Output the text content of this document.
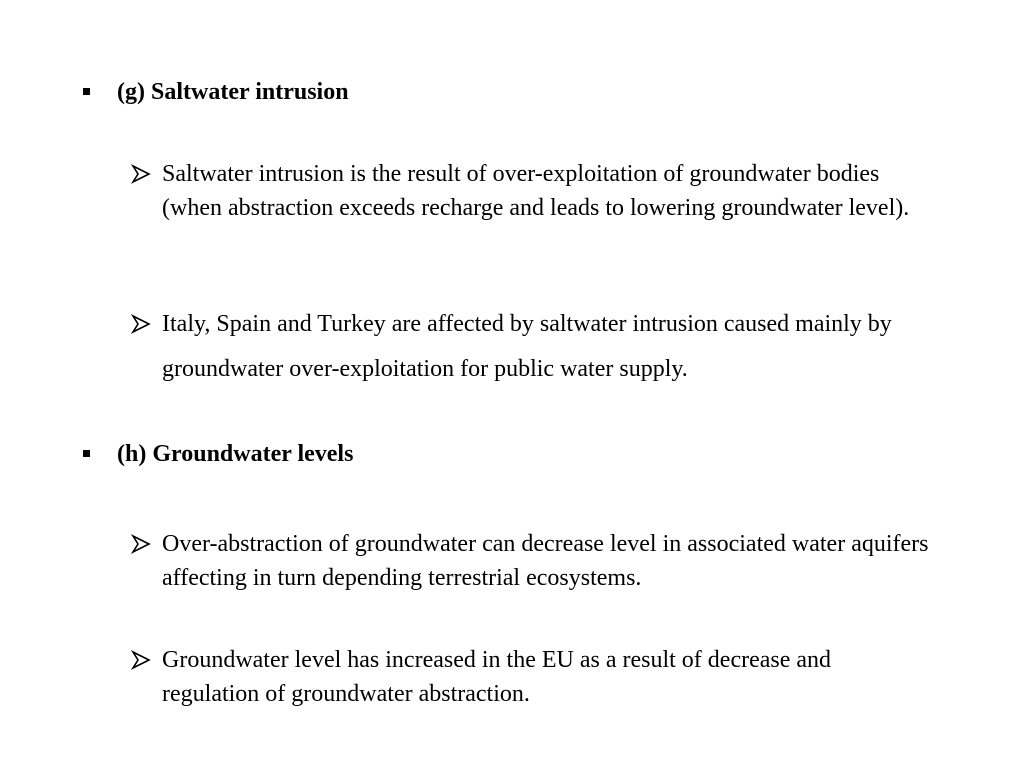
(g) Saltwater intrusion
Saltwater intrusion is the result of over-exploitation of groundwater bodies (when abstraction exceeds recharge and leads to lowering groundwater level).
Italy, Spain and Turkey are affected by saltwater intrusion caused mainly by groundwater over-exploitation for public water supply.
(h) Groundwater levels
Over-abstraction of groundwater can decrease level in associated water aquifers affecting in turn depending terrestrial ecosystems.
Groundwater level has increased in the EU as a result of decrease and regulation of groundwater abstraction.
